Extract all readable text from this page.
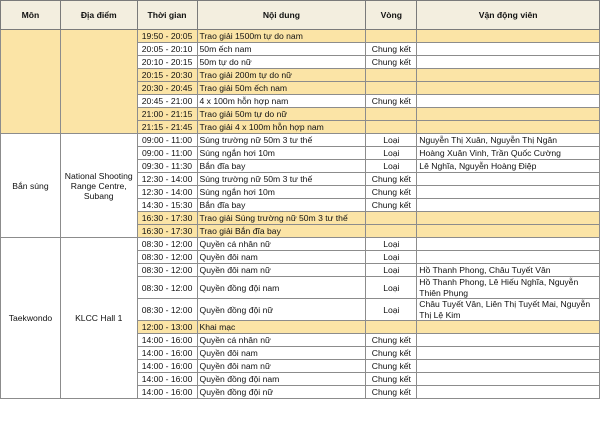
Môn	Địa điểm	Thời gian	Nội dung	Vòng	Vận động viên
		19:50 - 20:05	Trao giải 1500m tự do nam		
		20:05 - 20:10	50m ếch nam	Chung kết	
		20:10 - 20:15	50m tự do nữ	Chung kết	
		20:15 - 20:30	Trao giải 200m tự do nữ		
		20:30 - 20:45	Trao giải 50m ếch nam		
		20:45 - 21:00	4 x 100m hỗn hợp nam	Chung kết	
		21:00 - 21:15	Trao giải 50m tự do nữ		
		21:15 - 21:45	Trao giải 4 x 100m hỗn hợp nam		
Bắn súng	National Shooting Range Centre, Subang	09:00 - 11:00	Súng trường nữ 50m 3 tư thế	Loại	Nguyễn Thị Xuân, Nguyễn Thị Ngân
		09:00 - 11:00	Súng ngắn hơi 10m	Loại	Hoàng Xuân Vinh, Trần Quốc Cường
		09:30 - 11:30	Bắn đĩa bay	Loại	Lê Nghĩa, Nguyễn Hoàng Điệp
		12:30 - 14:00	Súng trường nữ 50m 3 tư thế	Chung kết	
		12:30 - 14:00	Súng ngắn hơi 10m	Chung kết	
		14:30 - 15:30	Bắn đĩa bay	Chung kết	
		16:30 - 17:30	Trao giải Súng trường nữ 50m 3 tư thế		
		16:30 - 17:30	Trao giải Bắn đĩa bay		
Taekwondo	KLCC Hall 1	08:30 - 12:00	Quyền cá nhân nữ	Loại	
		08:30 - 12:00	Quyền đôi nam	Loại	
		08:30 - 12:00	Quyền đôi nam nữ	Loại	Hồ Thanh Phong, Châu Tuyết Vân
		08:30 - 12:00	Quyền đồng đội nam	Loại	Hồ Thanh Phong, Lê Hiếu Nghĩa, Nguyễn Thiên Phụng
		08:30 - 12:00	Quyền đồng đội nữ	Loại	Châu Tuyết Vân, Liên Thị Tuyết Mai, Nguyễn Thị Lệ Kim
		12:00 - 13:00	Khai mạc		
		14:00 - 16:00	Quyền cá nhân nữ	Chung kết	
		14:00 - 16:00	Quyền đôi nam	Chung kết	
		14:00 - 16:00	Quyền đôi nam nữ	Chung kết	
		14:00 - 16:00	Quyền đồng đội nam	Chung kết	
		14:00 - 16:00	Quyền đồng đội nữ	Chung kết	
